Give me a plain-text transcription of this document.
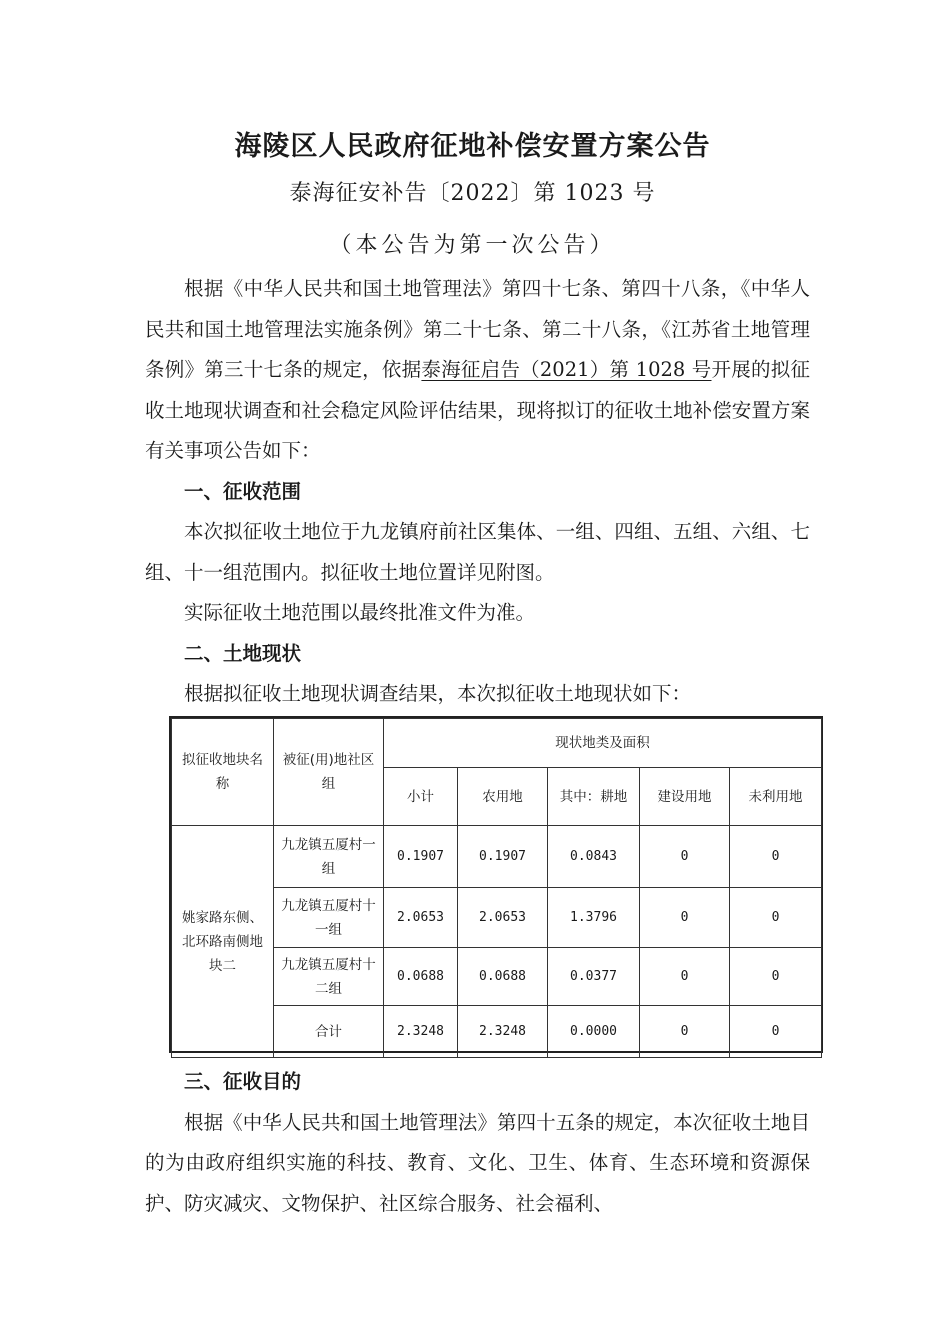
海陵区人民政府征地补偿安置方案公告
泰海征安补告〔2022〕第 1023 号
（本公告为第一次公告）

根据《中华人民共和国土地管理法》第四十七条、第四十八条，《中华人民共和国土地管理法实施条例》第二十七条、第二十八条，《江苏省土地管理条例》第三十七条的规定，依据泰海征启告（2021）第 1028 号开展的拟征收土地现状调查和社会稳定风险评估结果，现将拟订的征收土地补偿安置方案有关事项公告如下：

一、征收范围

本次拟征收土地位于九龙镇府前社区集体、一组、四组、五组、六组、七组、十一组范围内。拟征收土地位置详见附图。

实际征收土地范围以最终批准文件为准。

二、土地现状

根据拟征收土地现状调查结果，本次拟征收土地现状如下：

拟征收地块名称	被征(用)地社区组	现状地类及面积				
		小计	农用地	其中：耕地	建设用地	未利用地
姚家路东侧、北环路南侧地块二	九龙镇五厦村一组	0.1907	0.1907	0.0843	0	0
	九龙镇五厦村十一组	2.0653	2.0653	1.3796	0	0
	九龙镇五厦村十二组	0.0688	0.0688	0.0377	0	0
	合计	2.3248	2.3248	0.0000	0	0
三、征收目的

根据《中华人民共和国土地管理法》第四十五条的规定，本次征收土地目的为由政府组织实施的科技、教育、文化、卫生、体育、生态环境和资源保护、防灾减灾、文物保护、社区综合服务、社会福利、
